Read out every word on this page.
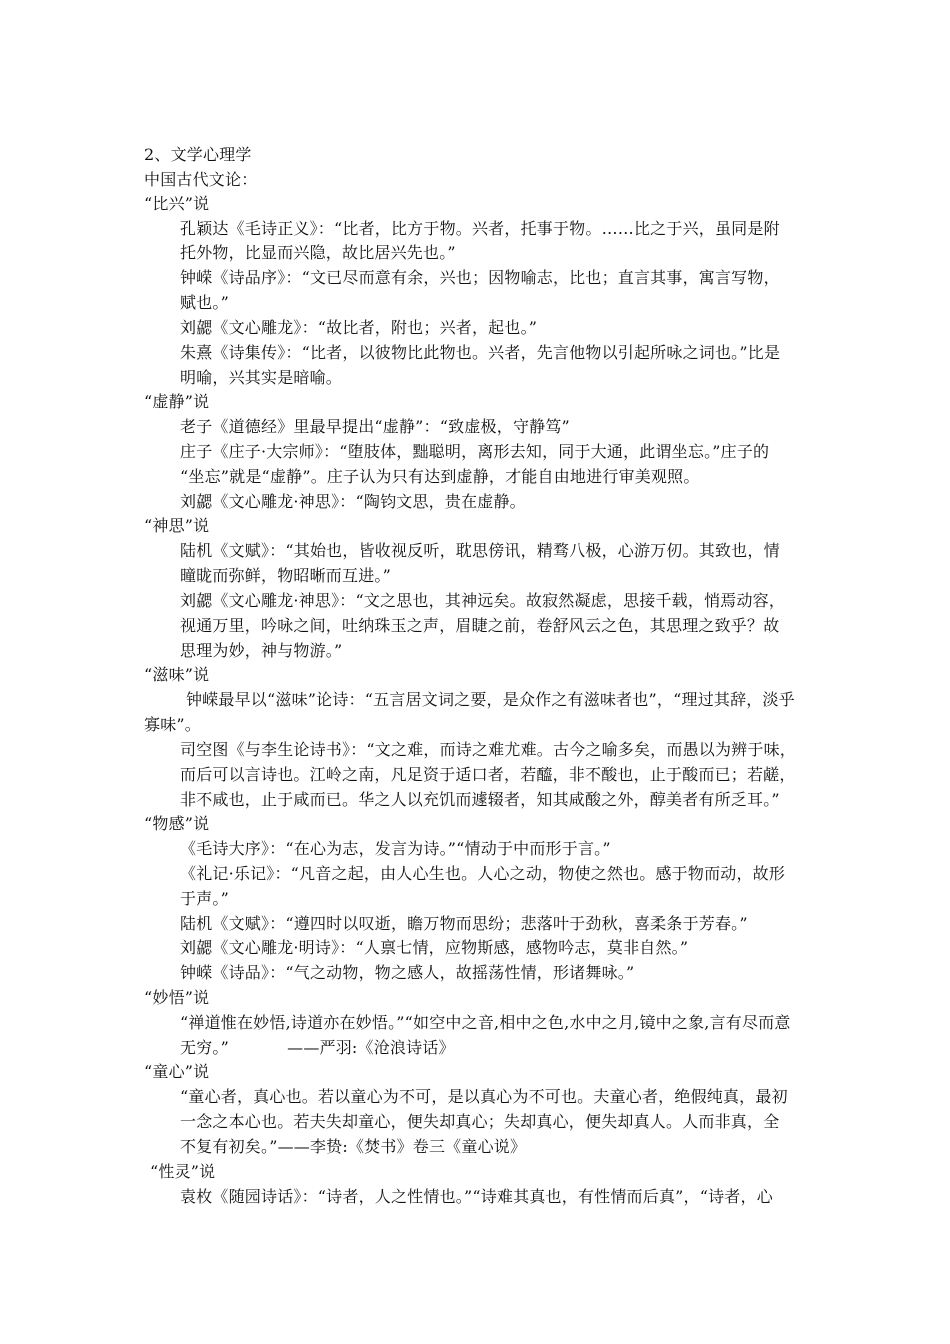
2、文学心理学
中国古代文论：
“比兴”说
孔颖达《毛诗正义》：“比者，比方于物。兴者，托事于物。……比之于兴，虽同是附
托外物，比显而兴隐，故比居兴先也。”
钟嵘《诗品序》：“文已尽而意有余，兴也；因物喻志，比也；直言其事，寓言写物，
赋也。”
刘勰《文心雕龙》：“故比者，附也；兴者，起也。”
朱熹《诗集传》：“比者，以彼物比此物也。兴者，先言他物以引起所咏之词也。”比是
明喻，兴其实是暗喻。
“虚静”说
老子《道德经》里最早提出“虚静”：“致虚极，守静笃”
庄子《庄子·大宗师》：“堕肢体，黜聪明，离形去知，同于大通，此谓坐忘。”庄子的
“坐忘”就是“虚静”。庄子认为只有达到虚静，才能自由地进行审美观照。
刘勰《文心雕龙·神思》：“陶钧文思，贵在虚静。
“神思”说
陆机《文赋》：“其始也，皆收视反听，耽思傍讯，精骛八极，心游万仞。其致也，情
曈昽而弥鲜，物昭晰而互进。”
刘勰《文心雕龙·神思》：“文之思也，其神远矣。故寂然凝虑，思接千载，悄焉动容，
视通万里，吟咏之间，吐纳珠玉之声，眉睫之前，卷舒风云之色，其思理之致乎？故
思理为妙，神与物游。”
“滋味”说
钟嵘最早以“滋味”论诗：“五言居文词之要，是众作之有滋味者也”，“理过其辞，淡乎
寡味”。
司空图《与李生论诗书》：“文之难，而诗之难尤难。古今之喻多矣，而愚以为辨于味，
而后可以言诗也。江岭之南，凡足资于适口者，若醯，非不酸也，止于酸而已；若鹾，
非不咸也，止于咸而已。华之人以充饥而遽辍者，知其咸酸之外，醇美者有所乏耳。”
“物感”说
《毛诗大序》：“在心为志，发言为诗。”“情动于中而形于言。”
《礼记·乐记》：“凡音之起，由人心生也。人心之动，物使之然也。感于物而动，故形
于声。”
陆机《文赋》：“遵四时以叹逝，瞻万物而思纷；悲落叶于劲秋，喜柔条于芳春。”
刘勰《文心雕龙·明诗》：“人禀七情，应物斯感，感物吟志，莫非自然。”
钟嵘《诗品》：“气之动物，物之感人，故摇荡性情，形诸舞咏。”
“妙悟”说
“禅道惟在妙悟,诗道亦在妙悟。”“如空中之音,相中之色,水中之月,镜中之象,言有尽而意
无穷。”           ——严羽:《沧浪诗话》
“童心”说
“童心者，真心也。若以童心为不可，是以真心为不可也。夫童心者，绝假纯真，最初
一念之本心也。若夫失却童心，便失却真心；失却真心，便失却真人。人而非真，全
不复有初矣。”——李贽:《焚书》卷三《童心说》
“性灵”说
袁枚《随园诗话》：“诗者，人之性情也。”“诗难其真也，有性情而后真”，“诗者，心
